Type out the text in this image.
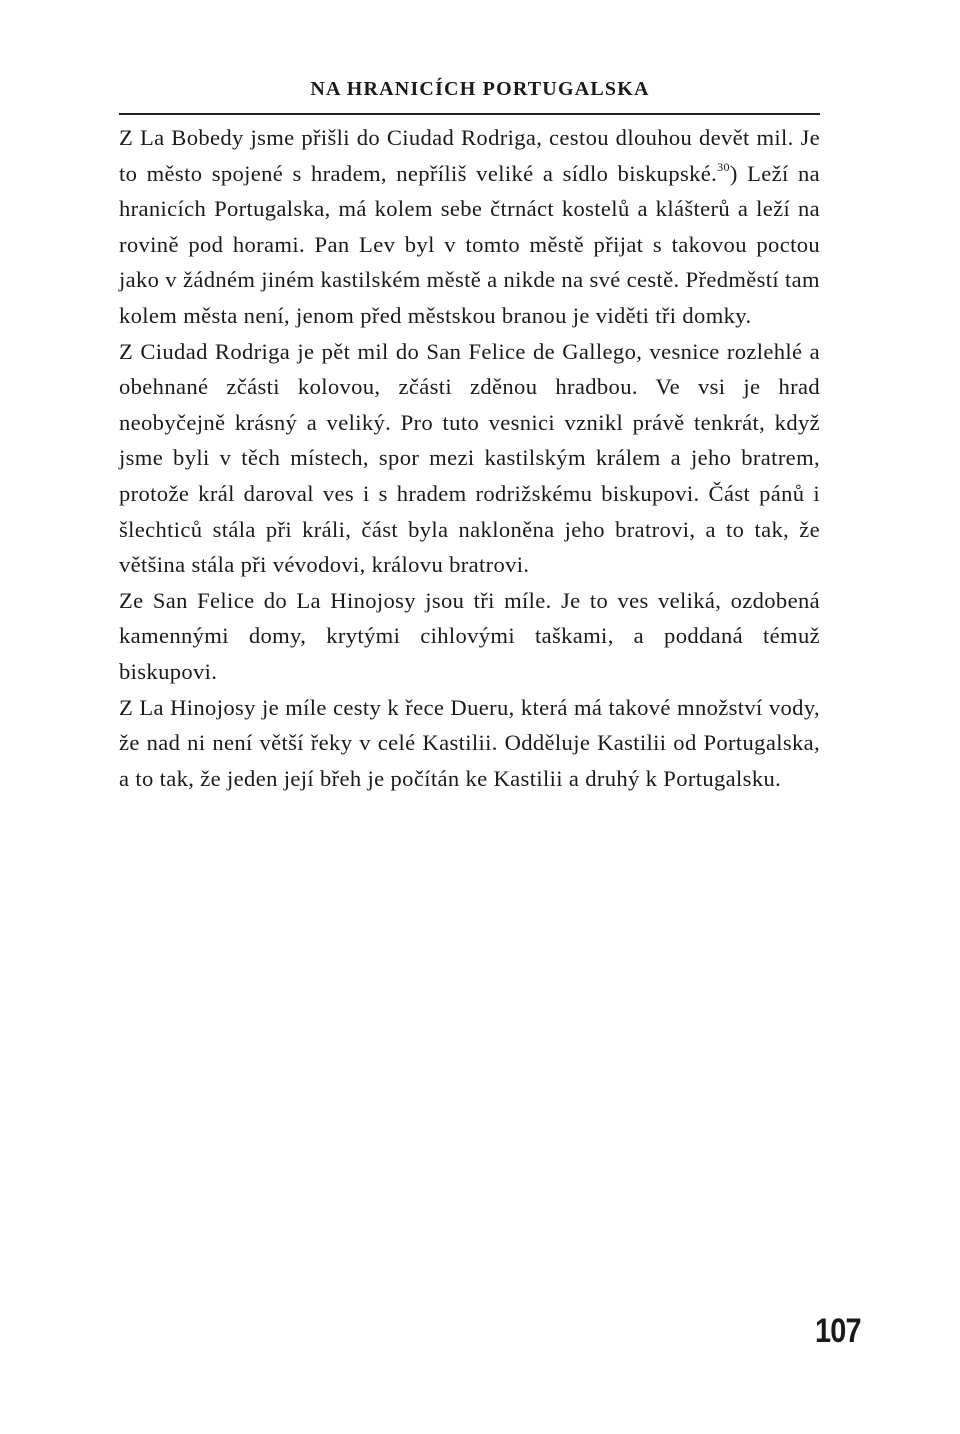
NA HRANICÍCH PORTUGALSKA

Z La Bobedy jsme přišli do Ciudad Rodriga, cestou dlouhou devět mil. Je to město spojené s hradem, nepříliš veliké a sídlo biskupské.$^{30}$) Leží na hranicích Portugalska, má kolem sebe čtrnáct kostelů a klášterů a leží na rovině pod horami. Pan Lev byl v tomto městě přijat s takovou poctou jako v žádném jiném kastilském městě a nikde na své cestě. Předměstí tam kolem města není, jenom před městskou branou je viděti tři domky.

Z Ciudad Rodriga je pět mil do San Felice de Gallego, vesnice rozlehlé a obehnané zčásti kolovou, zčásti zděnou hradbou. Ve vsi je hrad neobyčejně krásný a veliký. Pro tuto vesnici vznikl právě tenkrát, když jsme byli v těch místech, spor mezi kastilským králem a jeho bratrem, protože král daroval ves i s hradem rodrižskému biskupovi. Část pánů i šlechticů stála při králi, část byla nakloněna jeho bratrovi, a to tak, že většina stála při vévodovi, královu bratrovi.

Ze San Felice do La Hinojosy jsou tři míle. Je to ves veliká, ozdobená kamennými domy, krytými cihlovými taškami, a poddaná témuž biskupovi.

Z La Hinojosy je míle cesty k řece Dueru, která má takové množství vody, že nad ni není větší řeky v celé Kastilii. Odděluje Kastilii od Portugalska, a to tak, že jeden její břeh je počítán ke Kastilii a druhý k Portugalsku.

107
